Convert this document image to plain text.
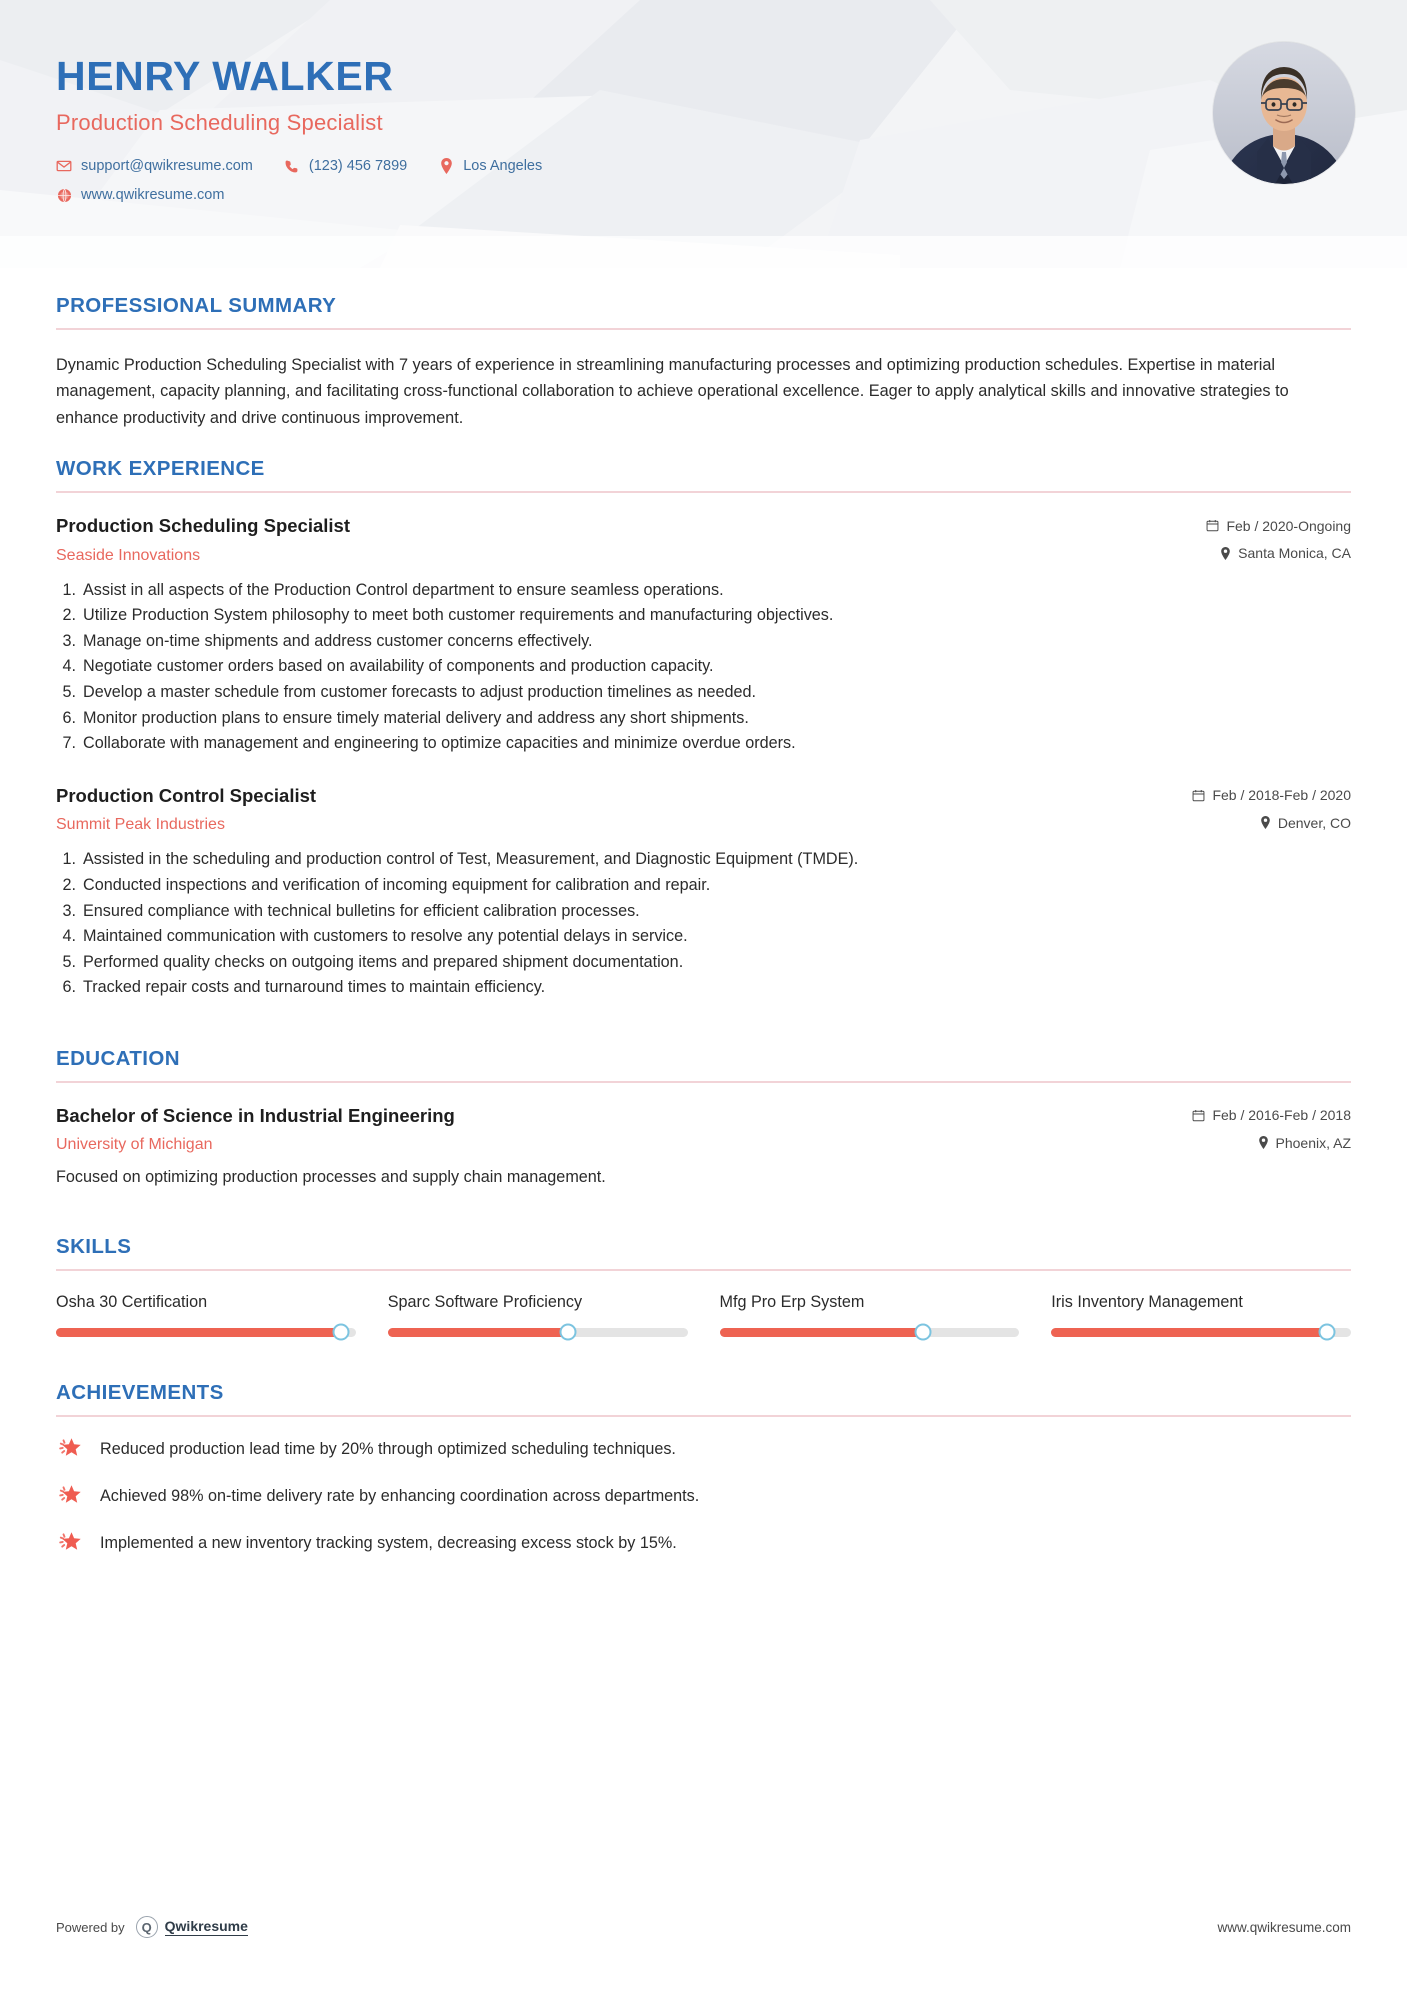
HENRY WALKER
Production Scheduling Specialist
support@qwikresume.com	(123) 456 7899	Los Angeles
www.qwikresume.com
PROFESSIONAL SUMMARY

Dynamic Production Scheduling Specialist with 7 years of experience in streamlining manufacturing processes and optimizing production schedules. Expertise in material management, capacity planning, and facilitating cross-functional collaboration to achieve operational excellence. Eager to apply analytical skills and innovative strategies to enhance productivity and drive continuous improvement.

WORK EXPERIENCE
Production Scheduling Specialist	Feb / 2020-Ongoing
Seaside Innovations	Santa Monica, CA
1. Assist in all aspects of the Production Control department to ensure seamless operations.
2. Utilize Production System philosophy to meet both customer requirements and manufacturing objectives.
3. Manage on-time shipments and address customer concerns effectively.
4. Negotiate customer orders based on availability of components and production capacity.
5. Develop a master schedule from customer forecasts to adjust production timelines as needed.
6. Monitor production plans to ensure timely material delivery and address any short shipments.
7. Collaborate with management and engineering to optimize capacities and minimize overdue orders.
Production Control Specialist	Feb / 2018-Feb / 2020
Summit Peak Industries	Denver, CO
1. Assisted in the scheduling and production control of Test, Measurement, and Diagnostic Equipment (TMDE).
2. Conducted inspections and verification of incoming equipment for calibration and repair.
3. Ensured compliance with technical bulletins for efficient calibration processes.
4. Maintained communication with customers to resolve any potential delays in service.
5. Performed quality checks on outgoing items and prepared shipment documentation.
6. Tracked repair costs and turnaround times to maintain efficiency.
EDUCATION
Bachelor of Science in Industrial Engineering	Feb / 2016-Feb / 2018
University of Michigan	Phoenix, AZ

Focused on optimizing production processes and supply chain management.

SKILLS
Osha 30 Certification	Sparc Software Proficiency	Mfg Pro Erp System	Iris Inventory Management
ACHIEVEMENTS
Reduced production lead time by 20% through optimized scheduling techniques.
Achieved 98% on-time delivery rate by enhancing coordination across departments.
Implemented a new inventory tracking system, decreasing excess stock by 15%.
Powered by	Q Qwikresume	www.qwikresume.com
